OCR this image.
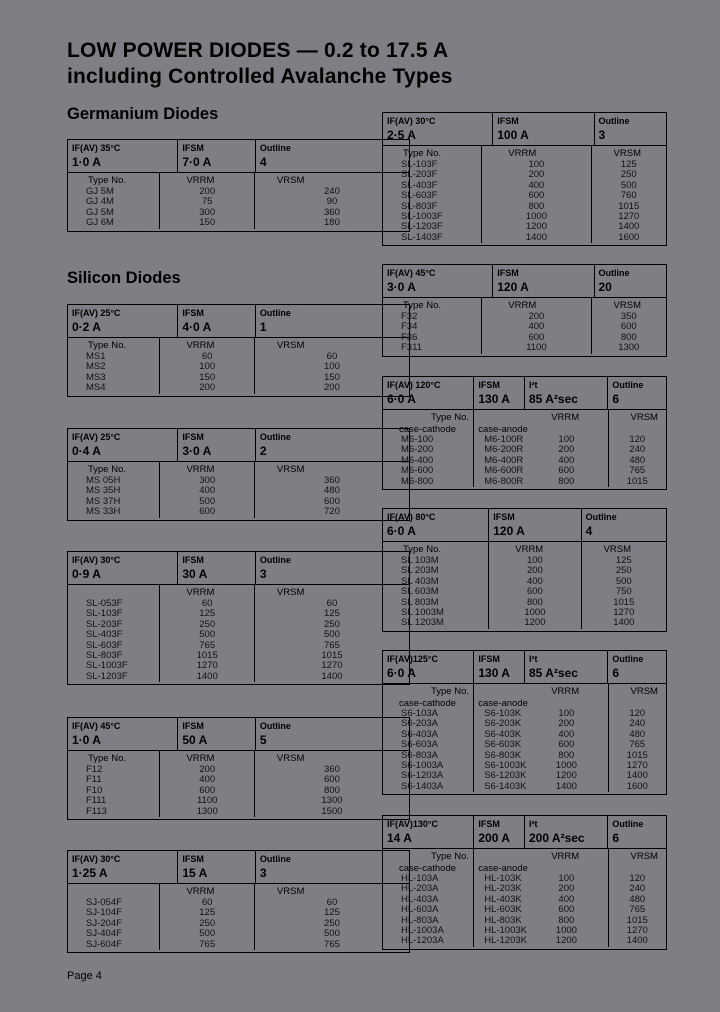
LOW POWER DIODES — 0.2 to 17.5 A
including Controlled Avalanche Types
Germanium Diodes
Silicon Diodes
Page 4
IF(AV) 35°C
1·0 A
IFSM
7·0 A
Outline
4
Type No.
GJ 5M
GJ 4M
GJ 5M
GJ 6M
VRRM
200
75
300
150
VRSM
240
90
360
180
IF(AV) 25°C
0·2 A
IFSM
4·0 A
Outline
1
Type No.
MS1
MS2
MS3
MS4
VRRM
60
100
150
200
VRSM
60
100
150
200
IF(AV) 25°C
0·4 A
IFSM
3·0 A
Outline
2
Type No.
MS 05H
MS 35H
MS 37H
MS 33H
VRRM
300
400
500
600
VRSM
360
480
600
720
IF(AV) 30°C
0·9 A
IFSM
30 A
Outline
3
SL-053F
SL-103F
SL-203F
SL-403F
SL-603F
SL-803F
SL-1003F
SL-1203F
VRRM
60
125
250
500
765
1015
1270
1400
VRSM
60
125
250
500
765
1015
1270
1400
IF(AV) 45°C
1·0 A
IFSM
50 A
Outline
5
Type No.
F12
F11
F10
F111
F113
VRRM
200
400
600
1100
1300
VRSM
360
600
800
1300
1500
IF(AV) 30°C
1·25 A
IFSM
15 A
Outline
3
SJ-054F
SJ-104F
SJ-204F
SJ-404F
SJ-604F
VRRM
60
125
250
500
765
VRSM
60
125
250
500
765
IF(AV) 30°C
2·5 A
IFSM
100 A
Outline
3
Type No.
SL-103F
SL-203F
SL-403F
SL-603F
SL-803F
SL-1003F
SL-1203F
SL-1403F
VRRM
100
200
400
600
800
1000
1200
1400
VRSM
125
250
500
760
1015
1270
1400
1600
IF(AV) 45°C
3·0 A
IFSM
120 A
Outline
20
Type No.
F32
F34
F36
F311
VRRM
200
400
600
1100
VRSM
350
600
800
1300
IF(AV) 120°C
6·0 A
IFSM
130 A
I²t
85 A²sec
Outline
6
Type No.
case-cathode
M6-100
M6-200
M6-400
M6-600
M6-800
case-anode
M6-100R
M6-200R
M6-400R
M6-600R
M6-800R
VRRM
100
200
400
600
800
VRSM
120
240
480
765
1015
IF(AV) 80°C
6·0 A
IFSM
120 A
Outline
4
Type No.
SL 103M
SL 203M
SL 403M
SL 603M
SL 803M
SL 1003M
SL 1203M
VRRM
100
200
400
600
800
1000
1200
VRSM
125
250
500
750
1015
1270
1400
IF(AV)125°C
6·0 A
IFSM
130 A
I²t
85 A²sec
Outline
6
Type No.
case-cathode
S6-103A
S6-203A
S6-403A
S6-603A
S6-803A
S6-1003A
S6-1203A
S6-1403A
case-anode
S6-103K
S6-203K
S6-403K
S6-603K
S6-803K
S6-1003K
S6-1203K
S6-1403K
VRRM
100
200
400
600
800
1000
1200
1400
VRSM
120
240
480
765
1015
1270
1400
1600
IF(AV)130°C
14 A
IFSM
200 A
I²t
200 A²sec
Outline
6
Type No.
case-cathode
HL-103A
HL-203A
HL-403A
HL-603A
HL-803A
HL-1003A
HL-1203A
case-anode
HL-103K
HL-203K
HL-403K
HL-603K
HL-803K
HL-1003K
HL-1203K
VRRM
100
200
400
600
800
1000
1200
VRSM
120
240
480
765
1015
1270
1400
